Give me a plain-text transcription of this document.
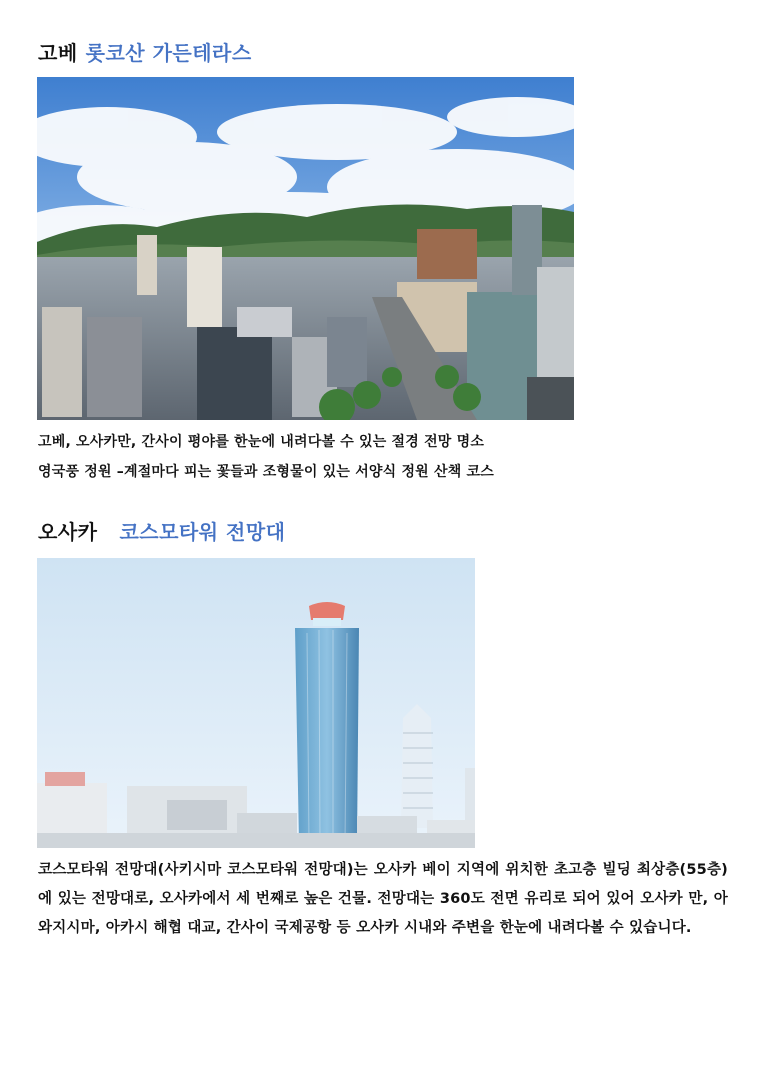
고베 롯코산 가든테라스
고베, 오사카만, 간사이 평야를 한눈에 내려다볼 수 있는 절경 전망 명소
영국풍 정원 –계절마다 피는 꽃들과 조형물이 있는 서양식 정원 산책 코스
오사카 코스모타워 전망대
코스모타워 전망대(사키시마 코스모타워 전망대)는 오사카 베이 지역에 위치한 초고층 빌딩 최상층(55층)에 있는 전망대로, 오사카에서 세 번째로 높은 건물. 전망대는 360도 전면 유리로 되어 있어 오사카 만, 아와지시마, 아카시 해협 대교, 간사이 국제공항 등 오사카 시내와 주변을 한눈에 내려다볼 수 있습니다.
